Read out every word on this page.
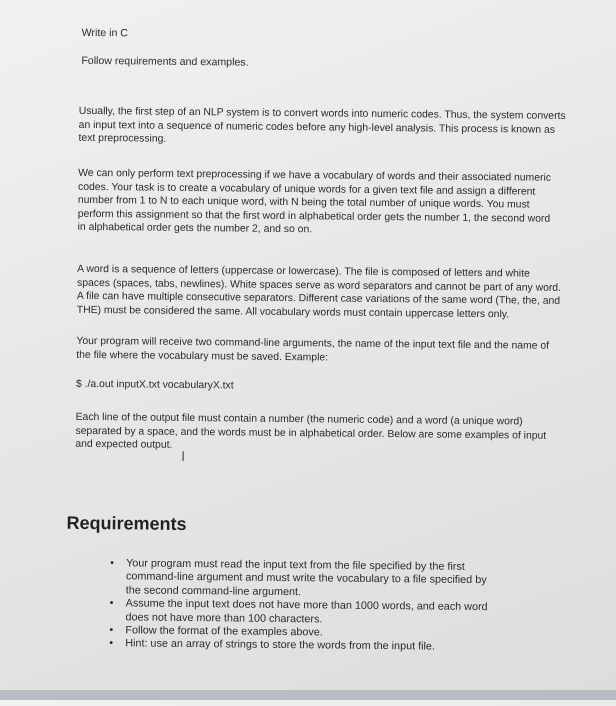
Write in C
Follow requirements and examples.
Usually, the first step of an NLP system is to convert words into numeric codes. Thus, the system converts
an input text into a sequence of numeric codes before any high-level analysis. This process is known as
text preprocessing.
We can only perform text preprocessing if we have a vocabulary of words and their associated numeric
codes. Your task is to create a vocabulary of unique words for a given text file and assign a different
number from 1 to N to each unique word, with N being the total number of unique words. You must
perform this assignment so that the first word in alphabetical order gets the number 1, the second word
in alphabetical order gets the number 2, and so on.
A word is a sequence of letters (uppercase or lowercase). The file is composed of letters and white
spaces (spaces, tabs, newlines). White spaces serve as word separators and cannot be part of any word.
A file can have multiple consecutive separators. Different case variations of the same word (The, the, and
THE) must be considered the same. All vocabulary words must contain uppercase letters only.
Your program will receive two command-line arguments, the name of the input text file and the name of
the file where the vocabulary must be saved. Example:
$ ./a.out inputX.txt vocabularyX.txt
Each line of the output file must contain a number (the numeric code) and a word (a unique word)
separated by a space, and the words must be in alphabetical order. Below are some examples of input
and expected output.
I
Requirements
• Your program must read the input text from the file specified by the first
command-line argument and must write the vocabulary to a file specified by
the second command-line argument.
• Assume the input text does not have more than 1000 words, and each word
does not have more than 100 characters.
• Follow the format of the examples above.
• Hint: use an array of strings to store the words from the input file.
